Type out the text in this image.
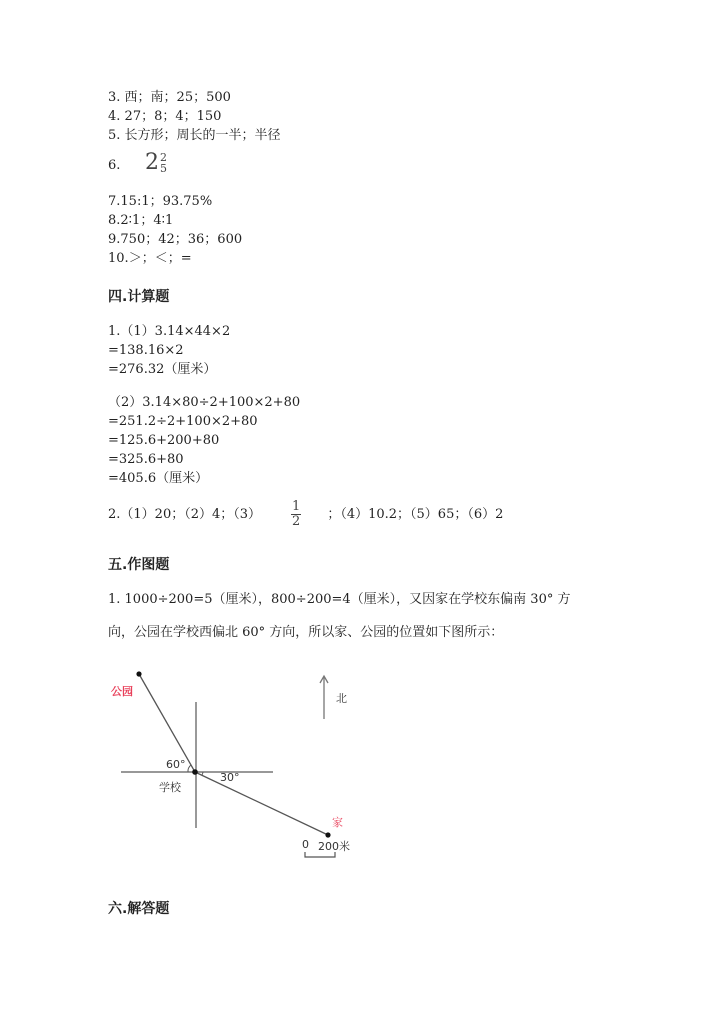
3. 西；南；25；500
4. 27；8；4；150
5. 长方形；周长的一半；半径
6. 2 2
5
7.15:1；93.75%
8.2∶1；4∶1
9.750；42；36；600
10.＞；＜；=
四.计算题
1.（1）3.14×44×2
=138.16×2
=276.32（厘米）
（2）3.14×80÷2+100×2+80
=251.2÷2+100×2+80
=125.6+200+80
=325.6+80
=405.6（厘米）
2.（1）20；（2）4；$(3) \frac{1}{2}$ ；（4）10.2；（5）65；（6）2
五.作图题
1. 1000÷200=5（厘米），800÷200=4（厘米），又因家在学校东偏南 30° 方
向，公园在学校西偏北 60° 方向，所以家、公园的位置如下图所示：
公园
北
60°
学校
30°
家
0 200米
六.解答题
